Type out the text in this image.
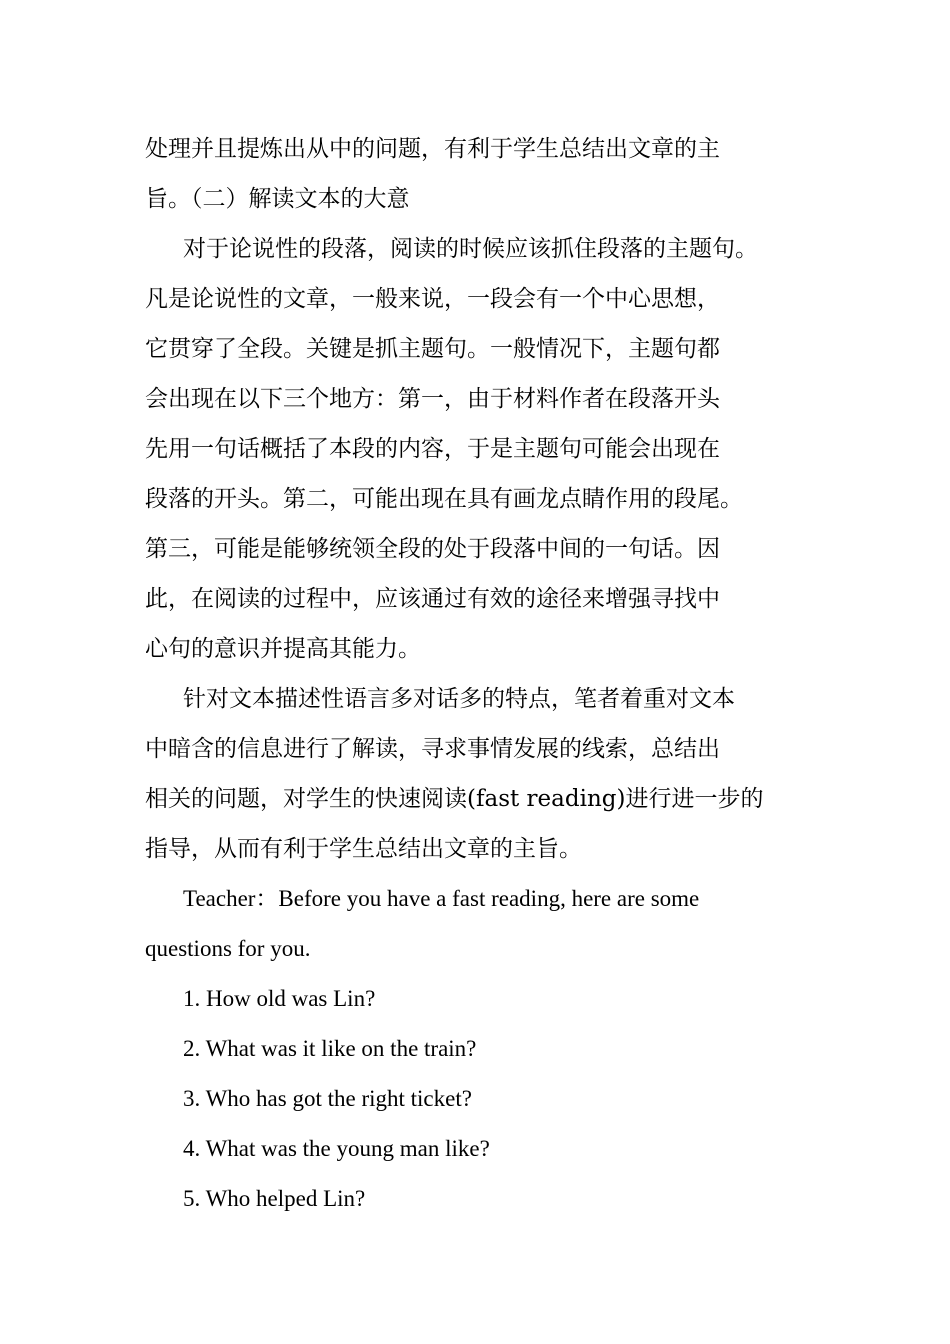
处理并且提炼出从中的问题，有利于学生总结出文章的主
旨。（二）解读文本的大意
对于论说性的段落，阅读的时候应该抓住段落的主题句。
凡是论说性的文章，一般来说，一段会有一个中心思想，
它贯穿了全段。关键是抓主题句。一般情况下，主题句都
会出现在以下三个地方：第一，由于材料作者在段落开头
先用一句话概括了本段的内容，于是主题句可能会出现在
段落的开头。第二，可能出现在具有画龙点睛作用的段尾。
第三，可能是能够统领全段的处于段落中间的一句话。因
此，在阅读的过程中，应该通过有效的途径来增强寻找中
心句的意识并提高其能力。
针对文本描述性语言多对话多的特点，笔者着重对文本
中暗含的信息进行了解读，寻求事情发展的线索，总结出
相关的问题，对学生的快速阅读(fast reading)进行进一步的
指导，从而有利于学生总结出文章的主旨。
Teacher：Before you have a fast reading, here are some
questions for you.
1. How old was Lin?
2. What was it like on the train?
3. Who has got the right ticket?
4. What was the young man like?
5. Who helped Lin?
